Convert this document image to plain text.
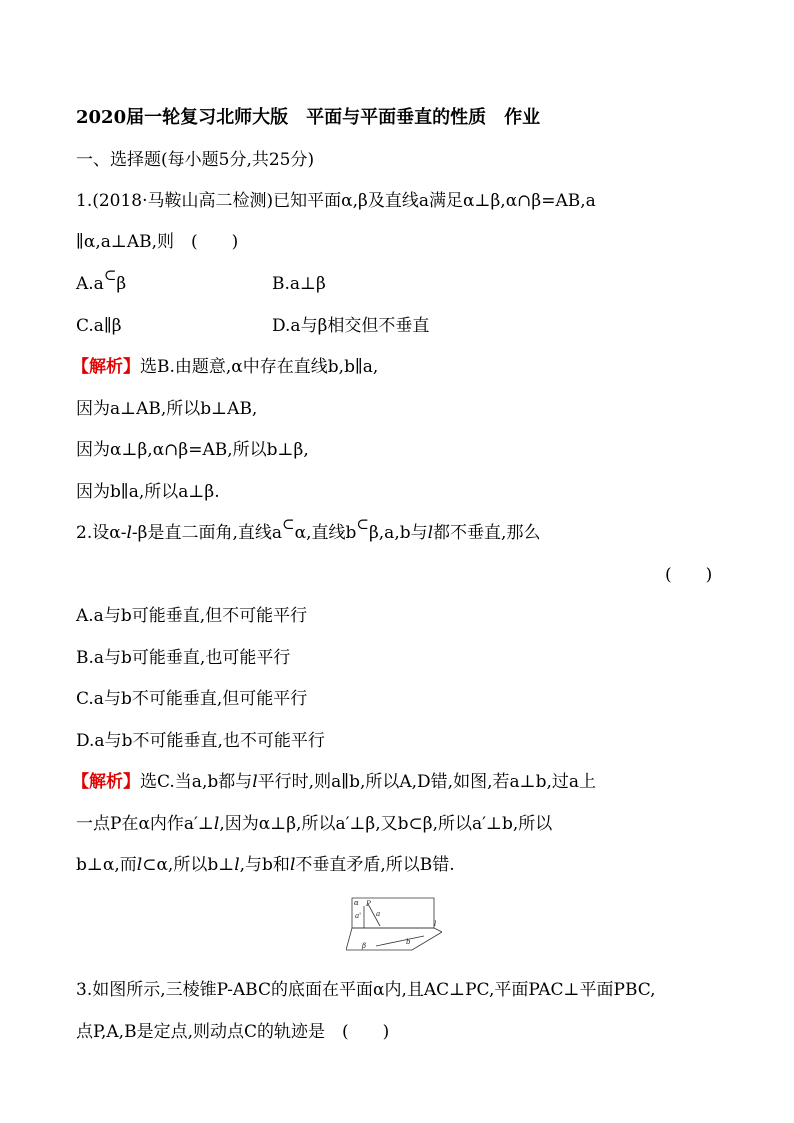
2020届一轮复习北师大版　平面与平面垂直的性质　作业
一、选择题(每小题5分,共25分)
1.(2018·马鞍山高二检测)已知平面α,β及直线a满足α⊥β,α∩β=AB,a
∥α,a⊥AB,则　(　　)
A.a⊂β	B.a⊥β
C.a∥β	D.a与β相交但不垂直
【解析】选B.由题意,α中存在直线b,b∥a,
因为a⊥AB,所以b⊥AB,
因为α⊥β,α∩β=AB,所以b⊥β,
因为b∥a,所以a⊥β.
2.设α-l-β是直二面角,直线a⊂α,直线b⊂β,a,b与l都不垂直,那么
(　　)
A.a与b可能垂直,但不可能平行
B.a与b可能垂直,也可能平行
C.a与b不可能垂直,但可能平行
D.a与b不可能垂直,也不可能平行
【解析】选C.当a,b都与l平行时,则a∥b,所以A,D错,如图,若a⊥b,过a上
一点P在α内作a′⊥l,因为α⊥β,所以a′⊥β,又b⊂β,所以a′⊥b,所以
b⊥α,而l⊂α,所以b⊥l,与b和l不垂直矛盾,所以B错.
α P
a' a
l
β	b
3.如图所示,三棱锥P-ABC的底面在平面α内,且AC⊥PC,平面PAC⊥平面PBC,
点P,A,B是定点,则动点C的轨迹是　(　　)
